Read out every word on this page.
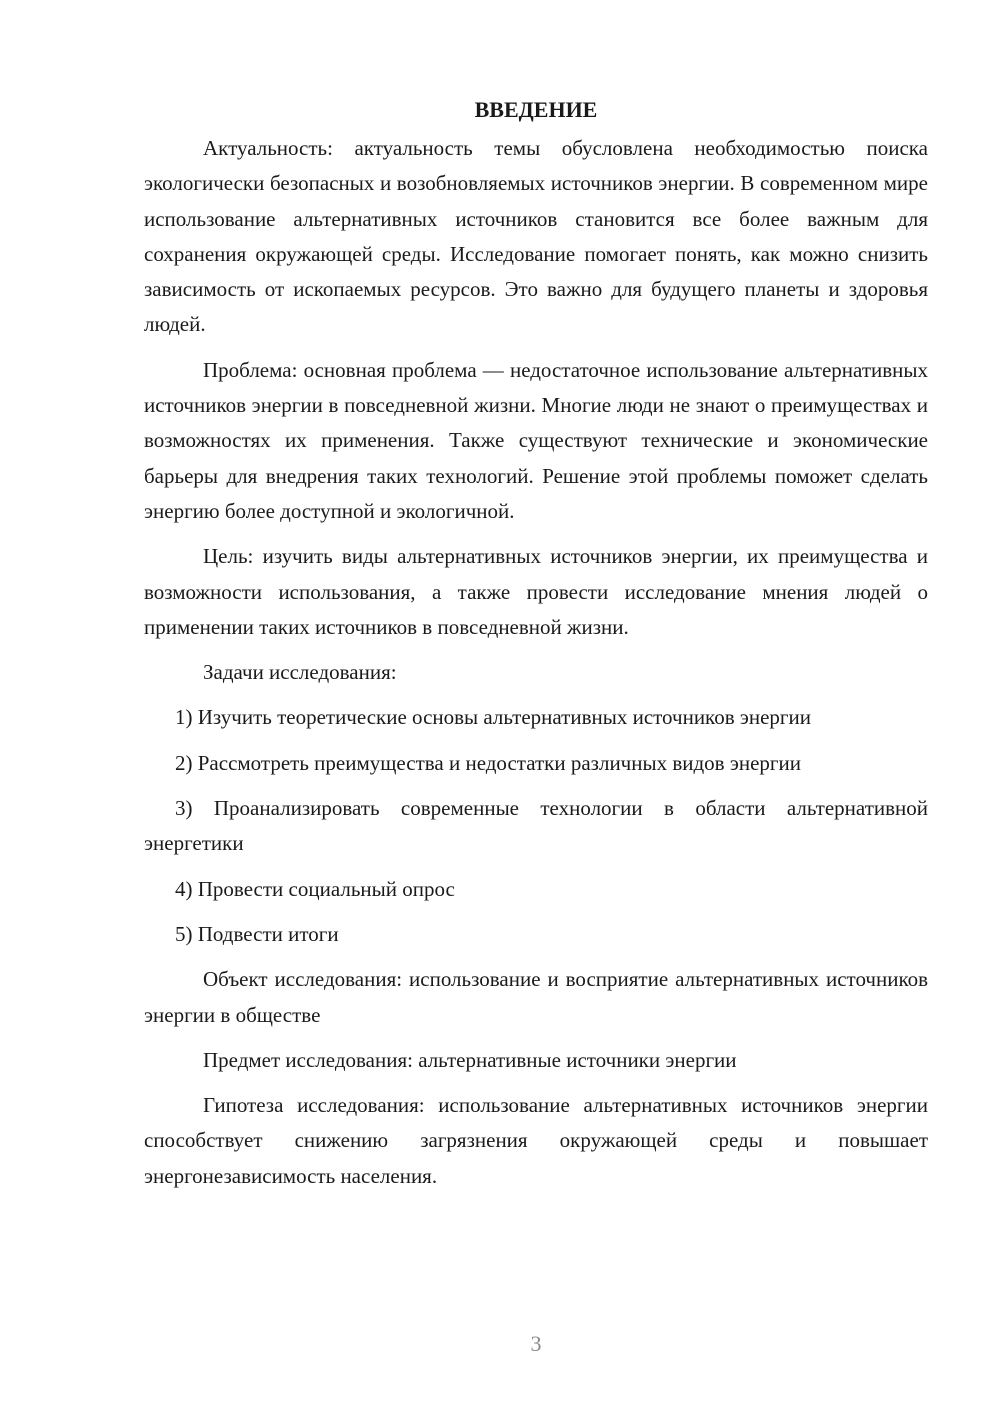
ВВЕДЕНИЕ

Актуальность: актуальность темы обусловлена необходимостью поиска экологически безопасных и возобновляемых источников энергии. В современном мире использование альтернативных источников становится все более важным для сохранения окружающей среды. Исследование помогает понять, как можно снизить зависимость от ископаемых ресурсов. Это важно для будущего планеты и здоровья людей.

Проблема: основная проблема — недостаточное использование альтернативных источников энергии в повседневной жизни. Многие люди не знают о преимуществах и возможностях их применения. Также существуют технические и экономические барьеры для внедрения таких технологий. Решение этой проблемы поможет сделать энергию более доступной и экологичной.

Цель: изучить виды альтернативных источников энергии, их преимущества и возможности использования, а также провести исследование мнения людей о применении таких источников в повседневной жизни.

Задачи исследования:

1) Изучить теоретические основы альтернативных источников энергии

2) Рассмотреть преимущества и недостатки различных видов энергии

3) Проанализировать современные технологии в области альтернативной энергетики

4) Провести социальный опрос

5) Подвести итоги

Объект исследования: использование и восприятие альтернативных источников энергии в обществе

Предмет исследования: альтернативные источники энергии

Гипотеза исследования: использование альтернативных источников энергии способствует снижению загрязнения окружающей среды и повышает энергонезависимость населения.

3
